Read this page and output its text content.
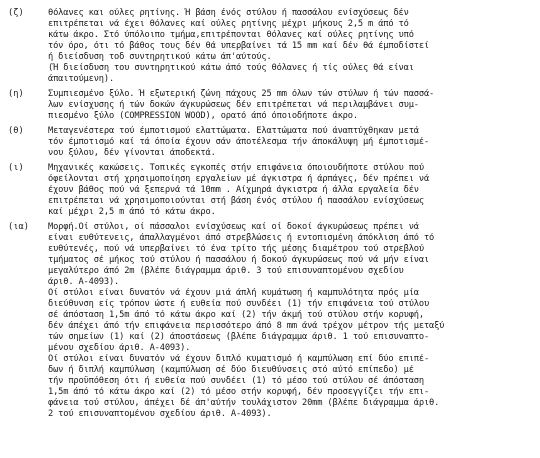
(ζ)	θόλανες και ούλες ρητίνης. Ή βάση ένός στύλου ή πασσάλου ενίσχύσεως δέν
επιτρέπεται νά έχει θόλανες καί ούλες ρητίνης μέχρι μήκους 2,5 m άπό τό
κάτω άκρο. Στό ύπόλοιπο τμήμα,επιτρέπονται θόλανες καί ούλες ρητίνης υπό
τόν όρο, ότι τό βάθος τους δέν θά υπερβαίνει τά 15 mm καί δέν θά έμποδίστεί
ή διείσδυση τοδ συντηρητικού κάτω άπ'αύτούς.
(Ή διείσδυση του συντηρητικού κάτω άπό τούς θόλανες ή τίς ούλες θά είναι
άπαιτούμενη).
(η)	Συμπιεσμένο ξύλο. Ή εξωτερική ζώνη πάχους 25 mm όλων τών στύλων ή τών πασσά-
λων ενίσχυσης ή τών δοκών άγκυρώσεως δέν επιτρέπεται νά περιλαμβάνει συμ-
πιεσμένο ξύλο (COMPRESSION WOOD), ορατό άπό όποιοδήποτε άκρο.
(θ)	Μεταγενέστερα τού έμποτισμού ελαττώματα. Ελαττώματα πού άναπτύχθηκαν μετά
τόν έμποτισμό καί τά όποία έχουν σάν άποτέλεσμα τήν άποκάλυψη μή έμποτισμέ-
νου ξύλου, δέν γίνονται άποδεκτά.
(ι)	Μηχανικές κακώσεις. Τοπικές εγκοπές στήν επιφάνεια όποιουδήποτε στύλου πού
όφείλονται στή χρησιμοποίηση εργαλείων μέ άγκιστρα ή άρπάγες, δέν πρέπει νά
έχουν βάθος πού νά ξεπερνά τά 10mm . Αίχμηρά άγκιστρα ή άλλα εργαλεία δέν
επιτρέπεται νά χρησιμοποιούνται στή βάση ένός στύλου ή πασσάλου ενίσχύσεως
καί μέχρι 2,5 m άπό τό κάτω άκρο.
(ια)	Μορφή.Οί στύλοι, οί πάσσαλοι ενίσχύσεως καί οί δοκοί άγκυρώσεως πρέπει νά
είναι ευθύτενεις, άπαλλαγμένοι άπό στρεβλώσεις ή εντοπισμένη άπόκλιση άπό τό
ευθύτενές, πού νά υπερβαίνει τό ένα τρίτο τής μέσης διαμέτρου τού στρεβλού
τμήματος σέ μήκος τού στύλου ή πασσάλου ή δοκού άγκυρώσεως πού νά μήν είναι
μεγαλύτερο άπό 2m (βλέπε διάγραμμα άριθ. 3 τού επισυναπτομένου σχεδίου
άριθ. Α-4093).
Οί στύλοι είναι δυνατόν νά έχουν μιά άπλή κυμάτωση ή καμπυλότητα πρός μία
διεύθυνση είς τρόπον ώστε ή ευθεία πού συνδέει (1) τήν επιφάνεια τού στύλου
σέ άπόσταση 1,5m άπό τό κάτω άκρο καί (2) τήν άκμή τού στύλου στήν κορυφή,
δέν άπέχει άπό τήν επιφάνεια περισσότερο άπό 8 mm άνά τρέχον μέτρον τής μεταξύ
τών σημείων (1) καί (2) άποστάσεως (βλέπε διάγραμμα άριθ. 1 τού επισυναπτο-
μένου σχεδίου άριθ. Α-4093).
Οί στύλοι είναι δυνατόν νά έχουν διπλό κυματισμό ή καμπύλωση επί δύο επιπέ-
δων ή διπλή καμπύλωση (καμπύλωση σέ δύο διευθύνσεις στό αύτό επίπεδο) μέ
τήν προϋπόθεση ότι ή ευθεία πού συνδέει (1) τό μέσο τού στύλου σέ άπόσταση
1,5m άπό τό κάτω άκρο καί (2) τό μέσο στήν κορυφή, δέν προσεγγίζει τήν επι-
φάνεια τού στύλου, άπέχει δέ άπ'αύτήν τουλάχιστον 20mm (βλέπε διάγραμμα άριθ.
2 τού επισυναπτομένου σχεδίου άριθ. Α-4093).
